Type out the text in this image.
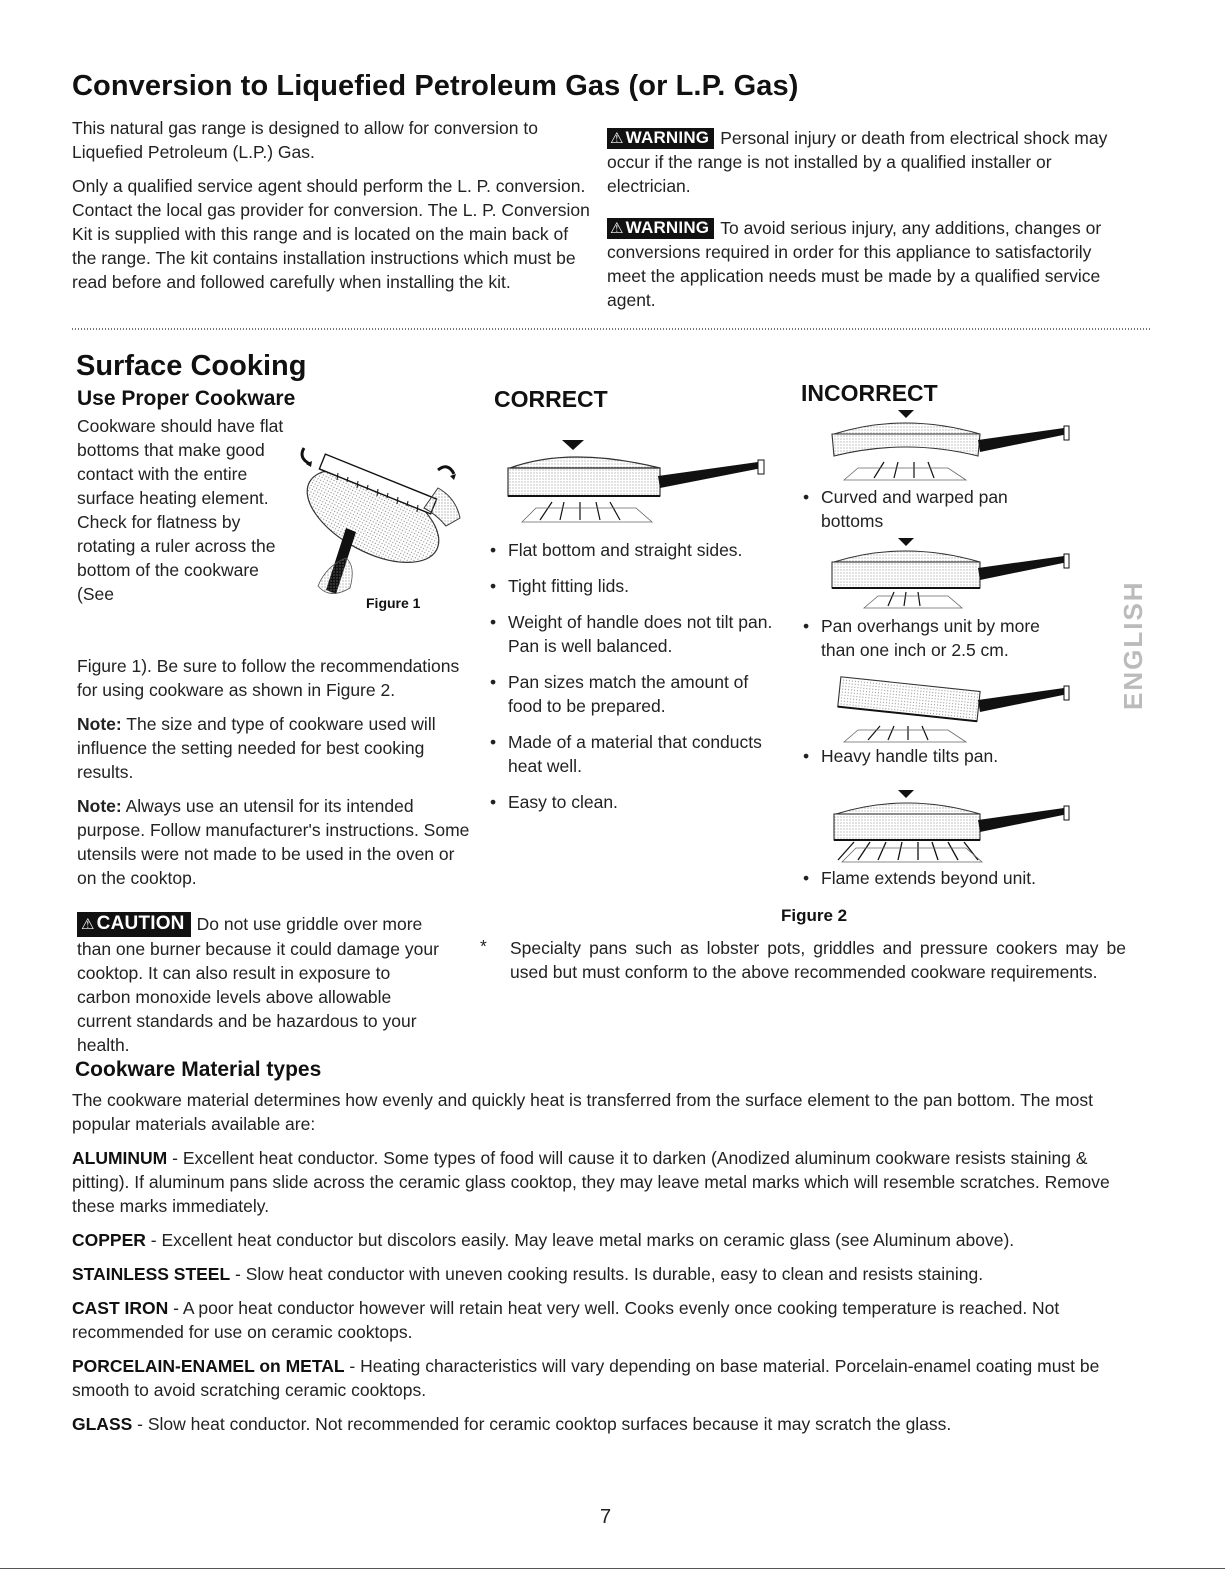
Conversion to Liquefied Petroleum Gas (or L.P. Gas)

This natural gas range is designed to allow for conversion to Liquefied Petroleum (L.P.) Gas.

Only a qualified service agent should perform the L. P. conversion. Contact the local gas provider for conversion. The L. P. Conversion Kit is supplied with this range and is located on the main back of the range. The kit contains installation instructions which must be read before and followed carefully when installing the kit.

⚠ WARNING Personal injury or death from electrical shock may occur if the range is not installed by a qualified installer or electrician.

⚠ WARNING To avoid serious injury, any additions, changes or conversions required in order for this appliance to satisfactorily meet the application needs must be made by a qualified service agent.

Surface Cooking
Use Proper Cookware
Figure 1

Cookware should have flat bottoms that make good contact with the entire surface heating element. Check for flatness by rotating a ruler across the bottom of the cookware (See

Figure 1). Be sure to follow the recommendations for using cookware as shown in Figure 2.

Note: The size and type of cookware used will influence the setting needed for best cooking results.

Note: Always use an utensil for its intended purpose. Follow manufacturer's instructions. Some utensils were not made to be used in the oven or on the cooktop.

⚠ CAUTION Do not use griddle over more than one burner because it could damage your cooktop. It can also result in exposure to carbon monoxide levels above allowable current standards and be hazardous to your health.

CORRECT
• Flat bottom and straight sides.
• Tight fitting lids.
• Weight of handle does not tilt pan. Pan is well balanced.
• Pan sizes match the amount of food to be prepared.
• Made of a material that conducts heat well.
• Easy to clean.
INCORRECT
• Curved and warped pan bottoms
• Pan overhangs unit by more than one inch or 2.5 cm.
• Heavy handle tilts pan.
• Flame extends beyond unit.
Figure 2
* Specialty pans such as lobster pots, griddles and pressure cookers may be used but must conform to the above recommended cookware requirements.
Cookware Material types

The cookware material determines how evenly and quickly heat is transferred from the surface element to the pan bottom. The most popular materials available are:

ALUMINUM - Excellent heat conductor. Some types of food will cause it to darken (Anodized aluminum cookware resists staining & pitting). If aluminum pans slide across the ceramic glass cooktop, they may leave metal marks which will resemble scratches. Remove these marks immediately.

COPPER - Excellent heat conductor but discolors easily. May leave metal marks on ceramic glass (see Aluminum above).

STAINLESS STEEL - Slow heat conductor with uneven cooking results. Is durable, easy to clean and resists staining.

CAST IRON - A poor heat conductor however will retain heat very well. Cooks evenly once cooking temperature is reached. Not recommended for use on ceramic cooktops.

PORCELAIN-ENAMEL on METAL - Heating characteristics will vary depending on base material. Porcelain-enamel coating must be smooth to avoid scratching ceramic cooktops.

GLASS - Slow heat conductor. Not recommended for ceramic cooktop surfaces because it may scratch the glass.

7
ENGLISH
